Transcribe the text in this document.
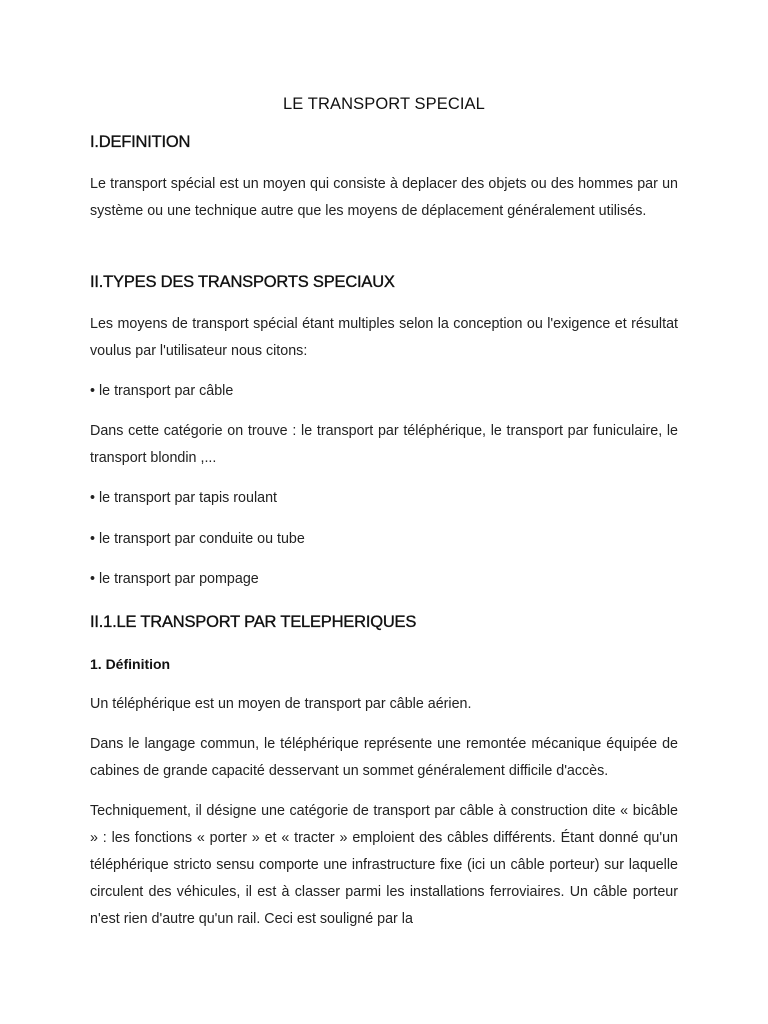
LE TRANSPORT SPECIAL
I.DEFINITION

Le transport spécial est un moyen qui consiste à deplacer des objets ou des hommes par un système ou une technique autre que les moyens de déplacement généralement utilisés.

II.TYPES DES TRANSPORTS SPECIAUX

Les moyens de transport spécial étant multiples selon la conception ou l'exigence et résultat voulus par l'utilisateur nous citons:

• le transport par câble

Dans cette catégorie on trouve : le transport par téléphérique, le transport par funiculaire, le transport blondin ,...

• le transport par tapis roulant

• le transport par conduite ou tube

• le transport par pompage

II.1.LE TRANSPORT PAR TELEPHERIQUES
1. Définition

Un téléphérique est un moyen de transport par câble aérien.

Dans le langage commun, le téléphérique représente une remontée mécanique équipée de cabines de grande capacité desservant un sommet généralement difficile d'accès.

Techniquement, il désigne une catégorie de transport par câble à construction dite « bicâble » : les fonctions « porter » et « tracter » emploient des câbles différents. Étant donné qu'un téléphérique stricto sensu comporte une infrastructure fixe (ici un câble porteur) sur laquelle circulent des véhicules, il est à classer parmi les installations ferroviaires. Un câble porteur n'est rien d'autre qu'un rail. Ceci est souligné par la
